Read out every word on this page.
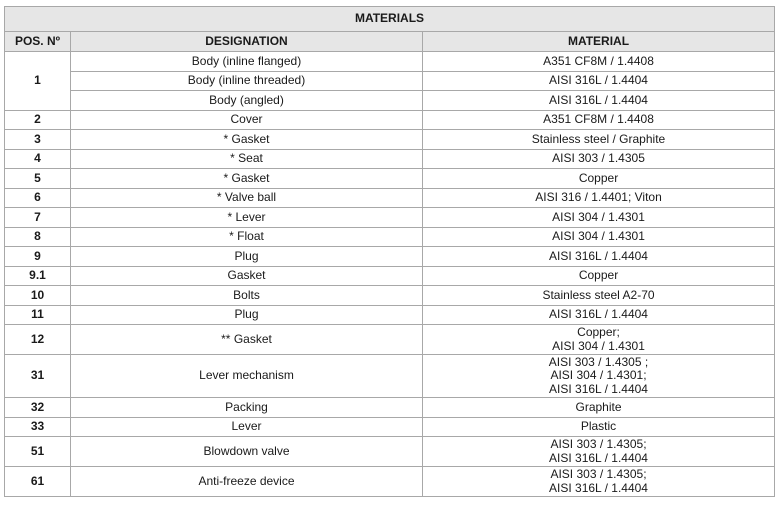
MATERIALS		
POS. Nº	DESIGNATION	MATERIAL
1	Body (inline flanged)	A351 CF8M / 1.4408
	Body (inline threaded)	AISI 316L / 1.4404
	Body (angled)	AISI 316L / 1.4404
2	Cover	A351 CF8M / 1.4408

3	* Gasket	Stainless steel / Graphite

4	* Seat	AISI 303 / 1.4305

5	* Gasket	Copper

6	* Valve ball	AISI 316 / 1.4401; Viton

7	* Lever	AISI 304 / 1.4301

8	* Float	AISI 304 / 1.4301

9	Plug	AISI 316L / 1.4404

9.1	Gasket	Copper

10	Bolts	Stainless steel A2-70

11	Plug	AISI 316L / 1.4404

12	** Gasket	Copper;
AISI 304 / 1.4301

31	Lever mechanism	AISI 303 / 1.4305 ;
AISI 304 / 1.4301;
AISI 316L / 1.4404

32	Packing	Graphite

33	Lever	Plastic

51	Blowdown valve	AISI 303 / 1.4305;
AISI 316L / 1.4404

61	Anti-freeze device	AISI 303 / 1.4305;
AISI 316L / 1.4404
